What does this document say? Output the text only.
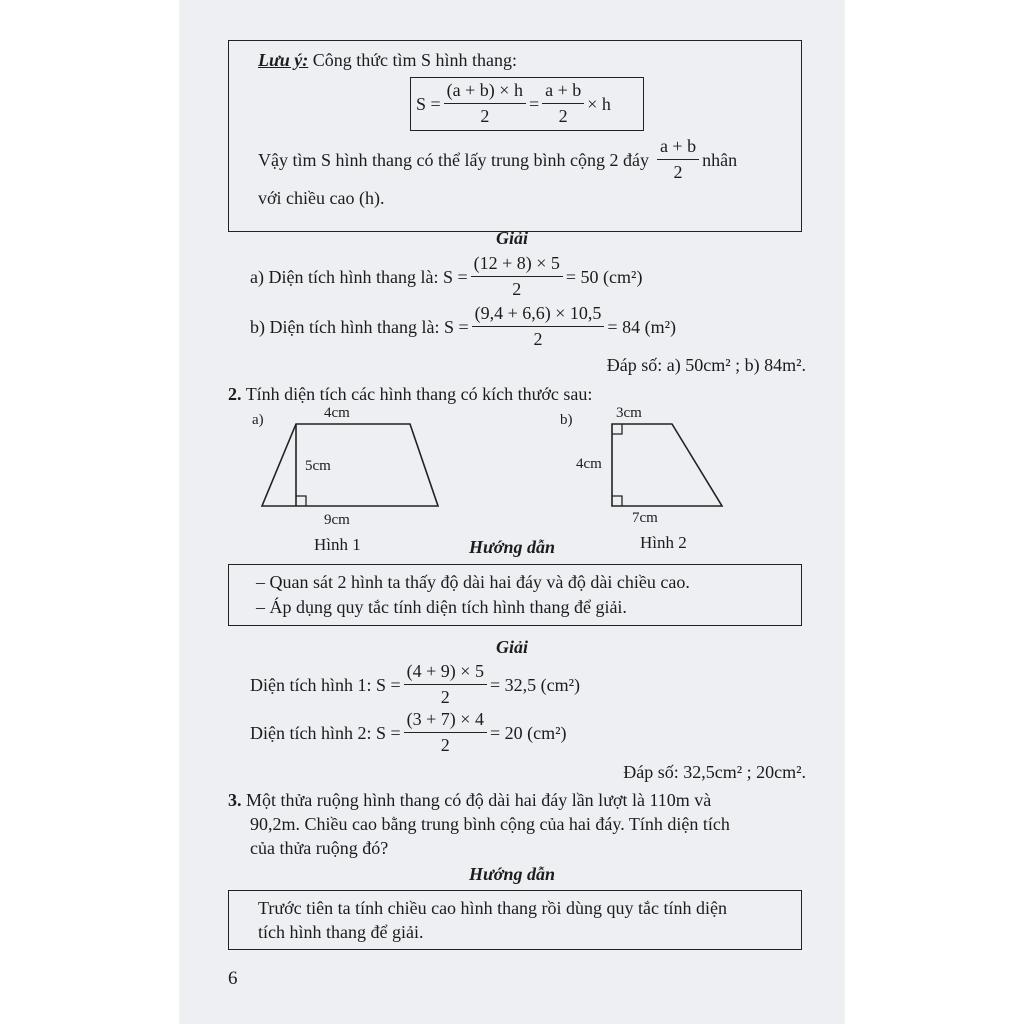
Lưu ý: Công thức tìm S hình thang:
$S = \frac{(a + b) \times h}{2} = \frac{a + b}{2} \times h$
Vậy tìm S hình thang có thể lấy trung bình cộng 2 đáy $\frac{a + b}{2}$ nhân
với chiều cao (h).
Giải
a) Diện tích hình thang là: $S = \frac{(12 + 8) \times 5}{2} = 50$ (cm²)
b) Diện tích hình thang là: $S = \frac{(9,4 + 6,6) \times 10,5}{2} = 84$ (m²)
Đáp số: a) 50cm² ; b) 84m².
2. Tính diện tích các hình thang có kích thước sau:
a)	4cm
5cm
9cm
Hình 1
b)	3cm
4cm
7cm
Hình 2
Hướng dẫn
– Quan sát 2 hình ta thấy độ dài hai đáy và độ dài chiều cao.
– Áp dụng quy tắc tính diện tích hình thang để giải.
Giải
Diện tích hình 1: $S = \frac{(4 + 9) \times 5}{2} = 32,5$ (cm²)
Diện tích hình 2: $S = \frac{(3 + 7) \times 4}{2} = 20$ (cm²)
Đáp số: 32,5cm² ; 20cm².
3. Một thửa ruộng hình thang có độ dài hai đáy lần lượt là 110m và
90,2m. Chiều cao bằng trung bình cộng của hai đáy. Tính diện tích
của thửa ruộng đó?
Hướng dẫn
Trước tiên ta tính chiều cao hình thang rồi dùng quy tắc tính diện
tích hình thang để giải.
6
